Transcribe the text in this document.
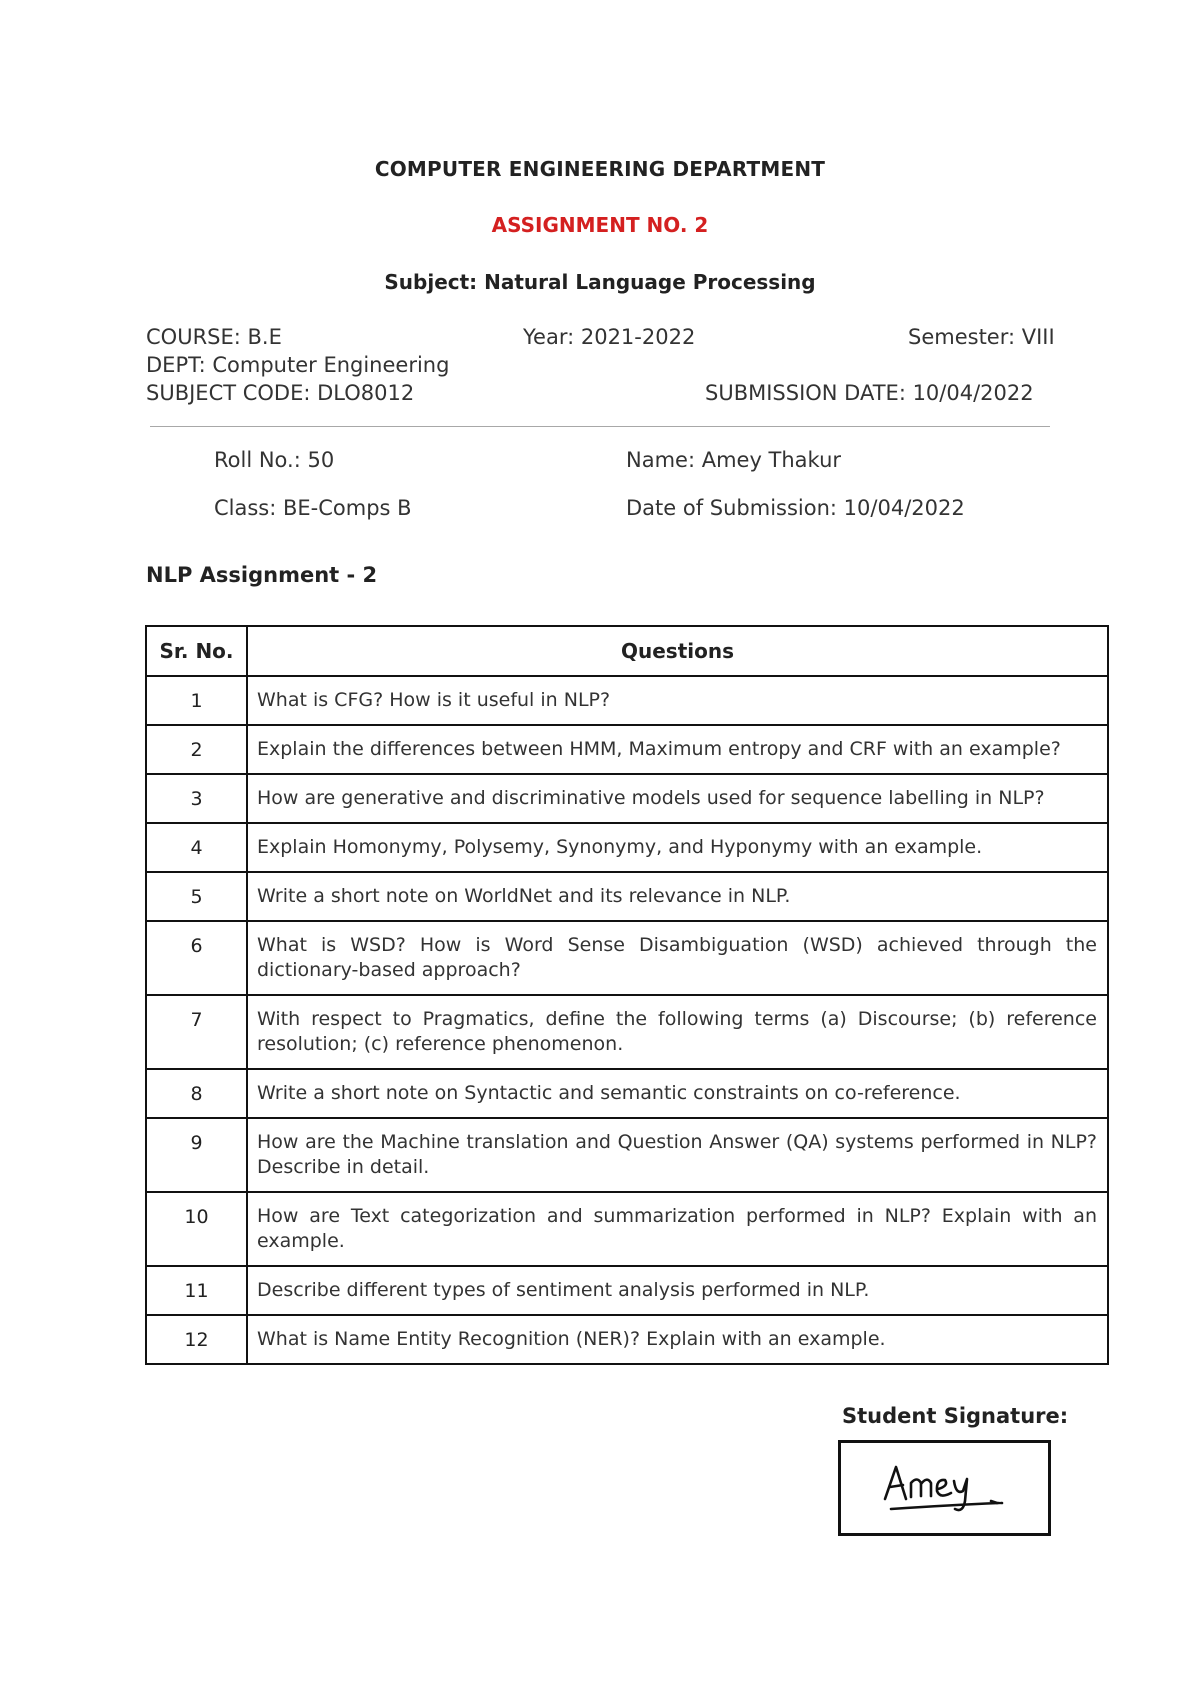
COMPUTER ENGINEERING DEPARTMENT
ASSIGNMENT NO. 2
Subject: Natural Language Processing
COURSE: B.E	Year: 2021-2022	Semester: VIII
DEPT: Computer Engineering
SUBJECT CODE: DLO8012	SUBMISSION DATE: 10/04/2022
Roll No.: 50	Name: Amey Thakur
Class: BE-Comps B	Date of Submission: 10/04/2022
NLP Assignment - 2
Sr. No.	Questions
1	What is CFG? How is it useful in NLP?
2	Explain the differences between HMM, Maximum entropy and CRF with an example?
3	How are generative and discriminative models used for sequence labelling in NLP?
4	Explain Homonymy, Polysemy, Synonymy, and Hyponymy with an example.
5	Write a short note on WorldNet and its relevance in NLP.
6	What is WSD? How is Word Sense Disambiguation (WSD) achieved through the dictionary-based approach?
7	With respect to Pragmatics, define the following terms (a) Discourse; (b) reference resolution; (c) reference phenomenon.
8	Write a short note on Syntactic and semantic constraints on co-reference.
9	How are the Machine translation and Question Answer (QA) systems performed in NLP? Describe in detail.
10	How are Text categorization and summarization performed in NLP? Explain with an example.
11	Describe different types of sentiment analysis performed in NLP.
12	What is Name Entity Recognition (NER)? Explain with an example.
Student Signature:
